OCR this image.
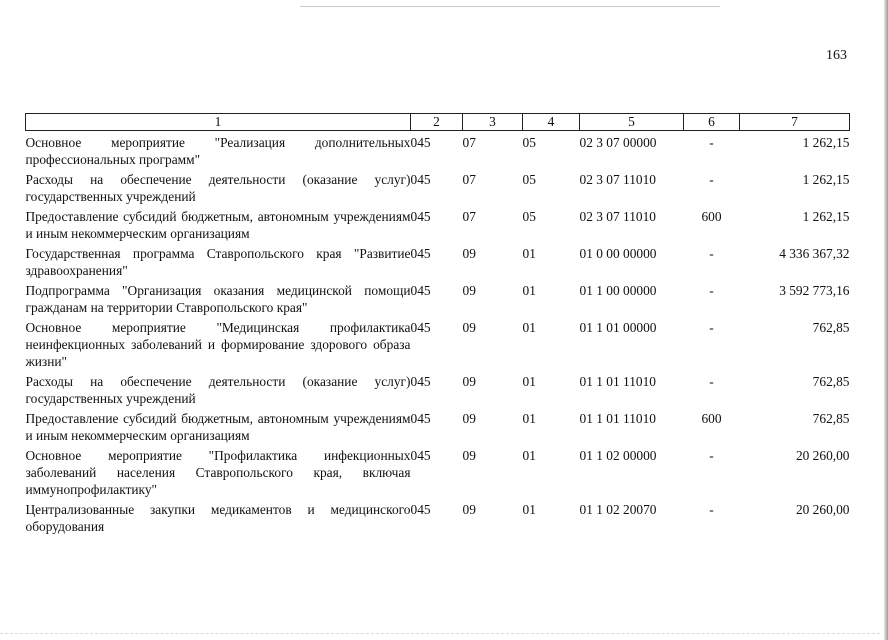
163
1	2	3	4	5	6	7
Основное мероприятие "Реализация дополнительных профессиональных программ"	045	07	05	02 3 07 00000	-	1 262,15
Расходы на обеспечение деятельности (оказание услуг) государственных учреждений	045	07	05	02 3 07 11010	-	1 262,15
Предоставление субсидий бюджетным, автономным учреждениям и иным некоммерческим организациям	045	07	05	02 3 07 11010	600	1 262,15
Государственная программа Ставропольского края "Развитие здравоохранения"	045	09	01	01 0 00 00000	-	4 336 367,32
Подпрограмма "Организация оказания медицинской помощи гражданам на территории Ставропольского края"	045	09	01	01 1 00 00000	-	3 592 773,16
Основное мероприятие "Медицинская профилактика неинфекционных заболеваний и формирование здорового образа жизни"	045	09	01	01 1 01 00000	-	762,85
Расходы на обеспечение деятельности (оказание услуг) государственных учреждений	045	09	01	01 1 01 11010	-	762,85
Предоставление субсидий бюджетным, автономным учреждениям и иным некоммерческим организациям	045	09	01	01 1 01 11010	600	762,85
Основное мероприятие "Профилактика инфекционных заболеваний населения Ставропольского края, включая иммунопрофилактику"	045	09	01	01 1 02 00000	-	20 260,00
Централизованные закупки медикаментов и медицинского оборудования	045	09	01	01 1 02 20070	-	20 260,00
